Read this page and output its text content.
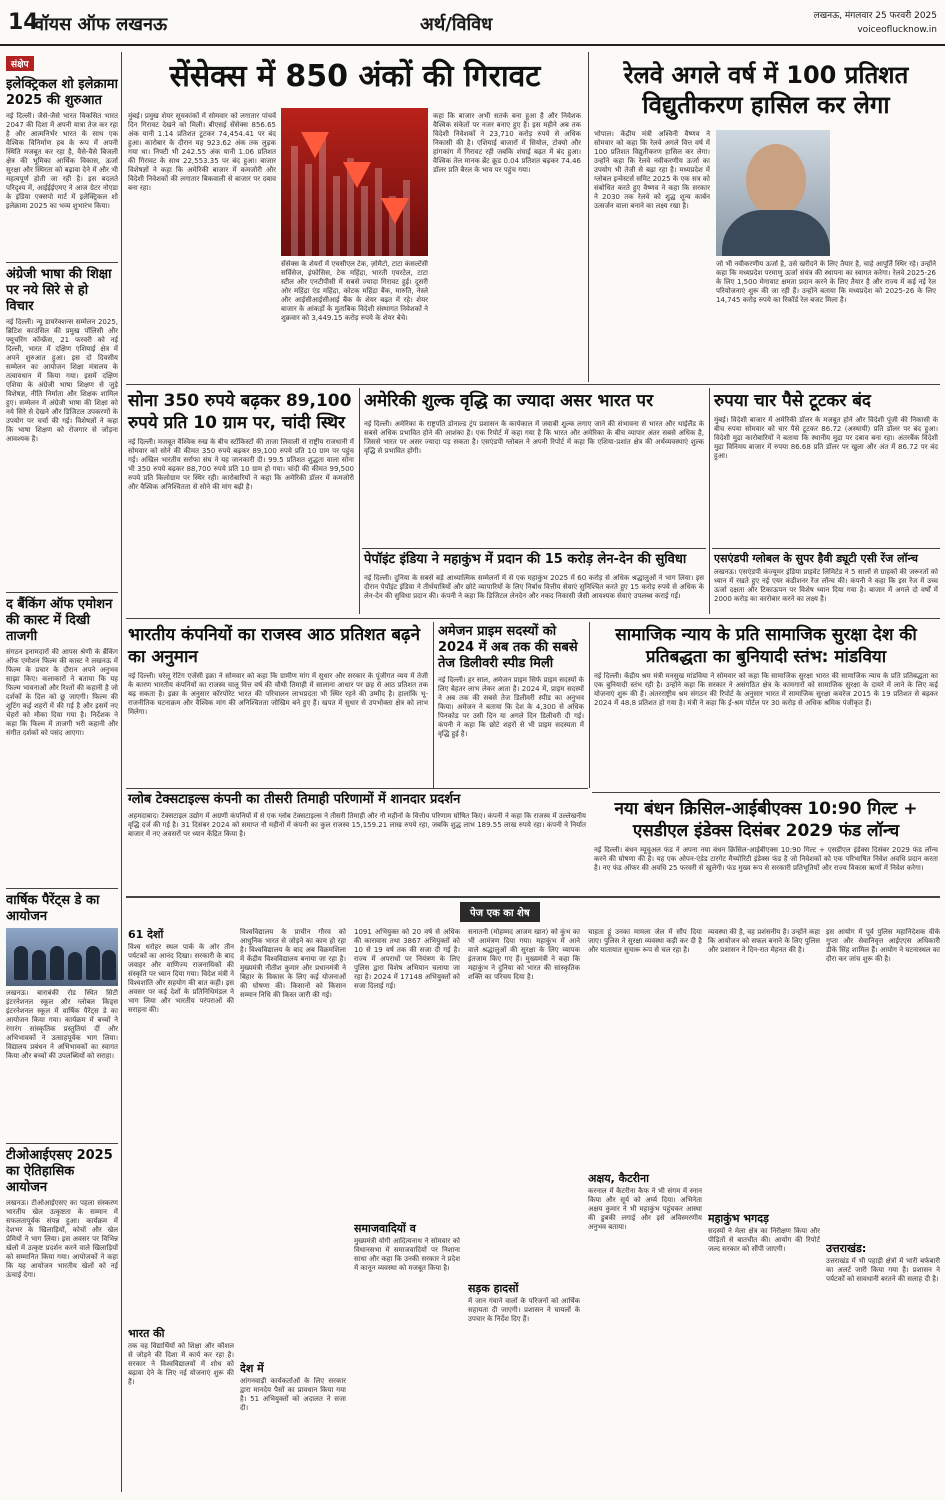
14
वॉयस ऑफ लखनऊ	अर्थ/विविध	लखनऊ, मंगलवार 25 फरवरी 2025
voiceoflucknow.in
संक्षेप
इलेक्ट्रिकल शो इलेक्रामा 2025 की शुरुआत
नई दिल्ली। जैसे-जैसे भारत विकसित भारत 2047 की दिशा में अपनी यात्रा तेज कर रहा है और आत्मनिर्भर भारत के साथ एक वैश्विक विनिर्माण हब के रूप में अपनी स्थिति मजबूत कर रहा है, वैसे-वैसे बिजली क्षेत्र की भूमिका आर्थिक विकास, ऊर्जा सुरक्षा और स्थिरता को बढ़ावा देने में और भी महत्वपूर्ण होती जा रही है। इस बदलते परिदृश्य में, आईईईएमए ने आज ग्रेटर नोएडा के इंडिया एक्सपो मार्ट में इलेक्ट्रिकल शो इलेक्रामा 2025 का भव्य शुभारंभ किया।
अंग्रेजी भाषा की शिक्षा पर नये सिरे से हो विचार
नई दिल्ली। न्यू डायरेक्शन्स सम्मेलन 2025, ब्रिटिश काउंसिल की प्रमुख पॉलिसी और फ्यूचरिंग कॉन्फ्रेंस, 21 फरवरी को नई दिल्ली, भारत में दक्षिण एशियाई क्षेत्र में अपने शुरुआत हुआ। इस दो दिवसीय सम्मेलन का आयोजन शिक्षा मंत्रालय के तत्वावधान में किया गया। इसमें दक्षिण एशिया के अंग्रेजी भाषा शिक्षण से जुड़े विशेषज्ञ, नीति निर्माता और शिक्षक शामिल हुए। सम्मेलन में अंग्रेजी भाषा की शिक्षा को नये सिरे से देखने और डिजिटल उपकरणों के उपयोग पर चर्चा की गई। विशेषज्ञों ने कहा कि भाषा शिक्षण को रोजगार से जोड़ना आवश्यक है।
द बैंकिंग ऑफ एमोशन की कास्ट में दिखी ताजगी
संगठन इनामदारों की आपस श्रेणी के ब्रैंकिंग ऑफ एमोशन फिल्म की कास्ट ने लखनऊ में फिल्म के प्रचार के दौरान अपने अनुभव साझा किए। कलाकारों ने बताया कि यह फिल्म भावनाओं और रिश्तों की कहानी है जो दर्शकों के दिल को छू जाएगी। फिल्म की शूटिंग कई शहरों में की गई है और इसमें नए चेहरों को मौका दिया गया है। निर्देशक ने कहा कि फिल्म में ताजगी भरी कहानी और संगीत दर्शकों को पसंद आएगा।
वार्षिक पैरेंट्स डे का आयोजन
लखनऊ। बाराबंकी रोड स्थित सिटी इंटरनेशनल स्कूल और ग्लोबल किड्स इंटरनेशनल स्कूल में वार्षिक पैरेंट्स डे का आयोजन किया गया। कार्यक्रम में बच्चों ने रंगारंग सांस्कृतिक प्रस्तुतियां दीं और अभिभावकों ने उत्साहपूर्वक भाग लिया। विद्यालय प्रबंधन ने अभिभावकों का स्वागत किया और बच्चों की उपलब्धियों को सराहा।
टीओआईएसए 2025 का ऐतिहासिक आयोजन
लखनऊ। टीओआईएसए का पहला संस्करण भारतीय खेल उत्कृष्टता के सम्मान में सफलतापूर्वक संपन्न हुआ। कार्यक्रम में देशभर के खिलाड़ियों, कोचों और खेल प्रेमियों ने भाग लिया। इस अवसर पर विभिन्न खेलों में उत्कृष्ट प्रदर्शन करने वाले खिलाड़ियों को सम्मानित किया गया। आयोजकों ने कहा कि यह आयोजन भारतीय खेलों को नई ऊंचाई देगा।
सेंसेक्स में 850 अंकों की गिरावट
मुंबई। प्रमुख शेयर सूचकांकों में सोमवार को लगातार पांचवें दिन गिरावट देखने को मिली। बीएसई सेंसेक्स 856.65 अंक यानी 1.14 प्रतिशत टूटकर 74,454.41 पर बंद हुआ। कारोबार के दौरान यह 923.62 अंक तक लुढ़क गया था। निफ्टी भी 242.55 अंक यानी 1.06 प्रतिशत की गिरावट के साथ 22,553.35 पर बंद हुआ। बाजार विशेषज्ञों ने कहा कि अमेरिकी बाजार में कमजोरी और विदेशी निवेशकों की लगातार बिकवाली से बाजार पर दबाव बना रहा।
सेंसेक्स के शेयरों में एचसीएल टेक, ज़ोमैटो, टाटा कंसल्टेंसी सर्विसेज, इंफोसिस, टेक महिंद्रा, भारती एयरटेल, टाटा स्टील और एनटीपीसी में सबसे ज्यादा गिरावट हुई। दूसरी ओर महिंद्रा एंड महिंद्रा, कोटक महिंद्रा बैंक, मारुति, नेस्ले और आईसीआईसीआई बैंक के शेयर बढ़त में रहे। शेयर बाजार के आंकड़ों के मुताबिक विदेशी संस्थागत निवेशकों ने शुक्रवार को 3,449.15 करोड़ रुपये के शेयर बेचे।
कहा कि बाजार अभी सतर्क बना हुआ है और निवेशक वैश्विक संकेतों पर नजर बनाए हुए हैं। इस महीने अब तक विदेशी निवेशकों ने 23,710 करोड़ रुपये से अधिक निकासी की है। एशियाई बाजारों में सियोल, टोक्यो और हांगकांग में गिरावट रही जबकि शंघाई बढ़त में बंद हुआ। वैश्विक तेल मानक ब्रेंट क्रूड 0.04 प्रतिशत बढ़कर 74.46 डॉलर प्रति बैरल के भाव पर पहुंच गया।
रेलवे अगले वर्ष में 100 प्रतिशत विद्युतीकरण हासिल कर लेगा
भोपाल। केंद्रीय मंत्री अश्विनी वैष्णव ने सोमवार को कहा कि रेलवे अगले वित्त वर्ष में 100 प्रतिशत विद्युतीकरण हासिल कर लेगा। उन्होंने कहा कि रेलवे नवीकरणीय ऊर्जा का उपयोग भी तेजी से बढ़ा रहा है। मध्यप्रदेश में ग्लोबल इन्वेस्टर्स समिट 2025 के एक सत्र को संबोधित करते हुए वैष्णव ने कहा कि सरकार ने 2030 तक रेलवे को शुद्ध शून्य कार्बन उत्सर्जन वाला बनाने का लक्ष्य रखा है।
जो भी नवीकरणीय ऊर्जा है, उसे खरीदने के लिए तैयार है, चाहे आपूर्ति स्थिर रहे। उन्होंने कहा कि मध्यप्रदेश परमाणु ऊर्जा संयंत्र की स्थापना का स्वागत करेगा। रेलवे 2025-26 के लिए 1,500 मेगावाट क्षमता प्रदान करने के लिए तैयार है और राज्य में कई नई रेल परियोजनाएं शुरू की जा रही हैं। उन्होंने बताया कि मध्यप्रदेश को 2025-26 के लिए 14,745 करोड़ रुपये का रिकॉर्ड रेल बजट मिला है।
सोना 350 रुपये बढ़कर 89,100 रुपये प्रति 10 ग्राम पर, चांदी स्थिर
नई दिल्ली। मजबूत वैश्विक रुख के बीच स्टॉकिस्टों की ताजा लिवाली से राष्ट्रीय राजधानी में सोमवार को सोने की कीमत 350 रुपये बढ़कर 89,100 रुपये प्रति 10 ग्राम पर पहुंच गई। अखिल भारतीय सर्राफा संघ ने यह जानकारी दी। 99.5 प्रतिशत शुद्धता वाला सोना भी 350 रुपये बढ़कर 88,700 रुपये प्रति 10 ग्राम हो गया। चांदी की कीमत 99,500 रुपये प्रति किलोग्राम पर स्थिर रही। कारोबारियों ने कहा कि अमेरिकी डॉलर में कमजोरी और वैश्विक अनिश्चितता से सोने की मांग बढ़ी है।
अमेरिकी शुल्क वृद्धि का ज्यादा असर भारत पर
नई दिल्ली। अमेरिका के राष्ट्रपति डोनाल्ड ट्रंप प्रशासन के कार्यकाल में जवाबी शुल्क लगाए जाने की संभावना से भारत और थाईलैंड के सबसे अधिक प्रभावित होने की आशंका है। एक रिपोर्ट में कहा गया है कि भारत और अमेरिका के बीच व्यापार अंतर सबसे अधिक है, जिससे भारत पर असर ज्यादा पड़ सकता है। एसएंडपी ग्लोबल ने अपनी रिपोर्ट में कहा कि एशिया-प्रशांत क्षेत्र की अर्थव्यवस्थाएं शुल्क वृद्धि से प्रभावित होंगी।
पेपॉइंट इंडिया ने महाकुंभ में प्रदान की 15 करोड़ लेन-देन की सुविधा
नई दिल्ली। दुनिया के सबसे बड़े आध्यात्मिक सम्मेलनों में से एक महाकुंभ 2025 में 60 करोड़ से अधिक श्रद्धालुओं ने भाग लिया। इस दौरान पेपॉइंट इंडिया ने तीर्थयात्रियों और छोटे व्यापारियों के लिए निर्बाध वित्तीय सेवाएं सुनिश्चित करते हुए 15 करोड़ रुपये से अधिक के लेन-देन की सुविधा प्रदान की। कंपनी ने कहा कि डिजिटल लेनदेन और नकद निकासी जैसी आवश्यक सेवाएं उपलब्ध कराई गईं।
रुपया चार पैसे टूटकर बंद
मुंबई। विदेशी बाजार में अमेरिकी डॉलर के मजबूत होने और विदेशी पूंजी की निकासी के बीच रुपया सोमवार को चार पैसे टूटकर 86.72 (अस्थायी) प्रति डॉलर पर बंद हुआ। विदेशी मुद्रा कारोबारियों ने बताया कि स्थानीय मुद्रा पर दबाव बना रहा। अंतरबैंक विदेशी मुद्रा विनिमय बाजार में रुपया 86.68 प्रति डॉलर पर खुला और अंत में 86.72 पर बंद हुआ।
एसएंडपी ग्लोबल के सुपर हैवी ड्यूटी एसी रेंज लॉन्च
लखनऊ। एसएंडपी कंज्यूमर इंडिया प्राइवेट लिमिटेड ने 5 सालों से ग्राहकों की जरूरतों को ध्यान में रखते हुए नई एयर कंडीशनर रेंज लॉन्च की। कंपनी ने कहा कि इस रेंज में उच्च ऊर्जा दक्षता और टिकाऊपन पर विशेष ध्यान दिया गया है। बाजार में अगले दो वर्षों में 2000 करोड़ का कारोबार करने का लक्ष्य है।
भारतीय कंपनियों का राजस्व आठ प्रतिशत बढ़ने का अनुमान
नई दिल्ली। घरेलू रेटिंग एजेंसी इक्रा ने सोमवार को कहा कि ग्रामीण मांग में सुधार और सरकार के पूंजीगत व्यय में तेजी के कारण भारतीय कंपनियों का राजस्व चालू वित्त वर्ष की चौथी तिमाही में सालाना आधार पर छह से आठ प्रतिशत तक बढ़ सकता है। इक्रा के अनुसार कॉरपोरेट भारत की परिचालन लाभप्रदता भी स्थिर रहने की उम्मीद है। हालांकि भू-राजनीतिक घटनाक्रम और वैश्विक मांग की अनिश्चितता जोखिम बने हुए हैं। खपत में सुधार से उपभोक्ता क्षेत्र को लाभ मिलेगा।
अमेजन प्राइम सदस्यों को 2024 में अब तक की सबसे तेज डिलीवरी स्पीड मिली
नई दिल्ली। हर साल, अमेजन प्राइम सिर्फ प्राइम सदस्यों के लिए बेहतर लाभ लेकर आता है। 2024 में, प्राइम सदस्यों ने अब तक की सबसे तेज डिलीवरी स्पीड का अनुभव किया। अमेजन ने बताया कि देश के 4,300 से अधिक पिनकोड पर उसी दिन या अगले दिन डिलीवरी दी गई। कंपनी ने कहा कि छोटे शहरों से भी प्राइम सदस्यता में वृद्धि हुई है।
सामाजिक न्याय के प्रति सामाजिक सुरक्षा देश की प्रतिबद्धता का बुनियादी स्तंभ: मांडविया
नई दिल्ली। केंद्रीय श्रम मंत्री मनसुख मांडविया ने सोमवार को कहा कि सामाजिक सुरक्षा भारत की सामाजिक न्याय के प्रति प्रतिबद्धता का एक बुनियादी स्तंभ रही है। उन्होंने कहा कि सरकार ने असंगठित क्षेत्र के कामगारों को सामाजिक सुरक्षा के दायरे में लाने के लिए कई योजनाएं शुरू की हैं। अंतरराष्ट्रीय श्रम संगठन की रिपोर्ट के अनुसार भारत में सामाजिक सुरक्षा कवरेज 2015 के 19 प्रतिशत से बढ़कर 2024 में 48.8 प्रतिशत हो गया है। मंत्री ने कहा कि ई-श्रम पोर्टल पर 30 करोड़ से अधिक श्रमिक पंजीकृत हैं।
ग्लोब टेक्सटाइल्स कंपनी का तीसरी तिमाही परिणामों में शानदार प्रदर्शन
अहमदाबाद। टेक्सटाइल उद्योग में अग्रणी कंपनियों में से एक ग्लोब टेक्सटाइल्स ने तीसरी तिमाही और नौ महीनों के वित्तीय परिणाम घोषित किए। कंपनी ने कहा कि राजस्व में उल्लेखनीय वृद्धि दर्ज की गई है। 31 दिसंबर 2024 को समाप्त नौ महीनों में कंपनी का कुल राजस्व 15,159.21 लाख रुपये रहा, जबकि शुद्ध लाभ 189.55 लाख रुपये रहा। कंपनी ने निर्यात बाजार में नए अवसरों पर ध्यान केंद्रित किया है।
नया बंधन क्रिसिल-आईबीएक्स 10:90 गिल्ट + एसडीएल इंडेक्स दिसंबर 2029 फंड लॉन्च
नई दिल्ली। बंधन म्यूचुअल फंड ने अपना नया बंधन क्रिसिल-आईबीएक्स 10:90 गिल्ट + एसडीएल इंडेक्स दिसंबर 2029 फंड लॉन्च करने की घोषणा की है। यह एक ओपन-एंडेड टारगेट मैच्योरिटी इंडेक्स फंड है जो निवेशकों को एक परिभाषित निवेश अवधि प्रदान करता है। नए फंड ऑफर की अवधि 25 फरवरी से खुलेगी। फंड मुख्य रूप से सरकारी प्रतिभूतियों और राज्य विकास ऋणों में निवेश करेगा।
पेज एक का शेष
61 देशों
विश्व धरोहर स्थल पार्क के ओर तीन पर्यटकों का आनंद दिखा। सरकारी के बाद जवाहर और वाणिज्य राजनायिकों की संस्कृति पर ध्यान दिया गया। विदेश मंत्री ने विश्वशांति और सहयोग की बात कही। इस अवसर पर कई देशों के प्रतिनिधिमंडल ने भाग लिया और भारतीय परंपराओं की सराहना की।
भारत की
तक वह विद्यार्थियों को शिक्षा और कौशल से जोड़ने की दिशा में कार्य कर रहा है। सरकार ने विश्वविद्यालयों में शोध को बढ़ावा देने के लिए नई योजनाएं शुरू की हैं।
विश्वविद्यालय के प्राचीन गौरव को आधुनिक भारत से जोड़ने का काम हो रहा है। विश्वविद्यालय के बाद अब विक्रमशिला में केंद्रीय विश्वविद्यालय बनाया जा रहा है। मुख्यमंत्री नीतीश कुमार और प्रधानमंत्री ने बिहार के विकास के लिए कई योजनाओं की घोषणा की। किसानों को किसान सम्मान निधि की किस्त जारी की गई।
देश में
आंगनवाड़ी कार्यकर्ताओं के लिए सरकार द्वारा मानदेय पैसों का प्रावधान किया गया है। 51 अभियुक्तों को अदालत ने सजा दी।
1091 अभियुक्त को 20 वर्ष से अधिक की कारावास तथा 3867 अभियुक्तों को 10 से 19 वर्ष तक की सजा दी गई है। राज्य में अपराधों पर नियंत्रण के लिए पुलिस द्वारा विशेष अभियान चलाया जा रहा है। 2024 में 17148 अभियुक्तों को सजा दिलाई गई।
समाजवादियों व
मुख्यमंत्री योगी आदित्यनाथ ने सोमवार को विधानसभा में समाजवादियों पर निशाना साधा और कहा कि उनकी सरकार ने प्रदेश में कानून व्यवस्था को मजबूत किया है।
सनातनी (मोहम्मद आजम खान) को कुंभ का भी आमंत्रण दिया गया। महाकुंभ में आने वाले श्रद्धालुओं की सुरक्षा के लिए व्यापक इंतजाम किए गए हैं। मुख्यमंत्री ने कहा कि महाकुंभ ने दुनिया को भारत की सांस्कृतिक शक्ति का परिचय दिया है।
सड़क हादसों
में जान गंवाने वालों के परिजनों को आर्थिक सहायता दी जाएगी। प्रशासन ने घायलों के उपचार के निर्देश दिए हैं।
चाहता हूं उनका मामला जेल में सौंप दिया जाए। पुलिस ने सुरक्षा व्यवस्था कड़ी कर दी है और यातायात सुचारू रूप से चल रहा है।
अक्षय, कैटरीना
करनाल में कैटरीना कैफ ने भी संगम में स्नान किया और सूर्य को अर्घ्य दिया। अभिनेता अक्षय कुमार ने भी महाकुंभ पहुंचकर आस्था की डुबकी लगाई और इसे अविस्मरणीय अनुभव बताया।
व्यवस्था की है, वह प्रशंसनीय है। उन्होंने कहा कि आयोजन को सफल बनाने के लिए पुलिस और प्रशासन ने दिन-रात मेहनत की है।
महाकुंभ भगदड़
सदस्यों ने मेला क्षेत्र का निरीक्षण किया और पीड़ितों से बातचीत की। आयोग की रिपोर्ट जल्द सरकार को सौंपी जाएगी।
इस आयोग में पूर्व पुलिस महानिदेशक वीके गुप्ता और सेवानिवृत्त आईएएस अधिकारी डीके सिंह शामिल हैं। आयोग ने घटनास्थल का दौरा कर जांच शुरू की है।
उत्तराखंड:
उत्तराखंड में भी पहाड़ी क्षेत्रों में भारी बर्फबारी का अलर्ट जारी किया गया है। प्रशासन ने पर्यटकों को सावधानी बरतने की सलाह दी है।
